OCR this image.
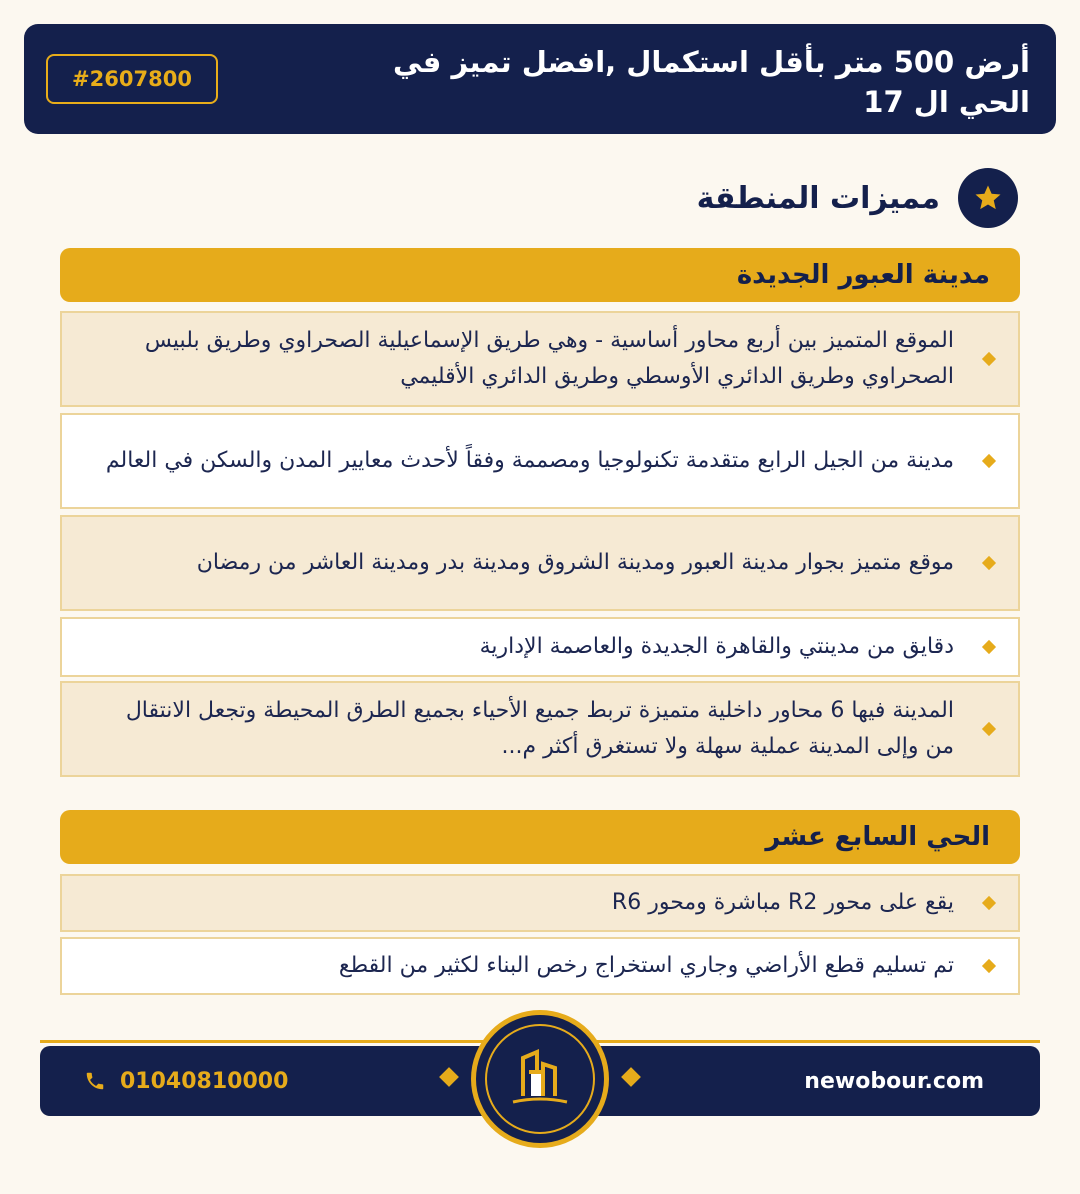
أرض 500 متر بأقل استكمال ,افضل تميز في الحي ال 17
#2607800
مميزات المنطقة
مدينة العبور الجديدة
الموقع المتميز بين أربع محاور أساسية - وهي طريق الإسماعيلية الصحراوي وطريق بلبيس الصحراوي وطريق الدائري الأوسطي وطريق الدائري الأقليمي
مدينة من الجيل الرابع متقدمة تكنولوجيا ومصممة وفقاً لأحدث معايير المدن والسكن في العالم
موقع متميز بجوار مدينة العبور ومدينة الشروق ومدينة بدر ومدينة العاشر من رمضان
دقايق من مدينتي والقاهرة الجديدة والعاصمة الإدارية
المدينة فيها 6 محاور داخلية متميزة تربط جميع الأحياء بجميع الطرق المحيطة وتجعل الانتقال من وإلى المدينة عملية سهلة ولا تستغرق أكثر م...
الحي السابع عشر
يقع على محور R2 مباشرة ومحور R6
تم تسليم قطع الأراضي وجاري استخراج رخص البناء لكثير من القطع
01040810000	newobour.com
